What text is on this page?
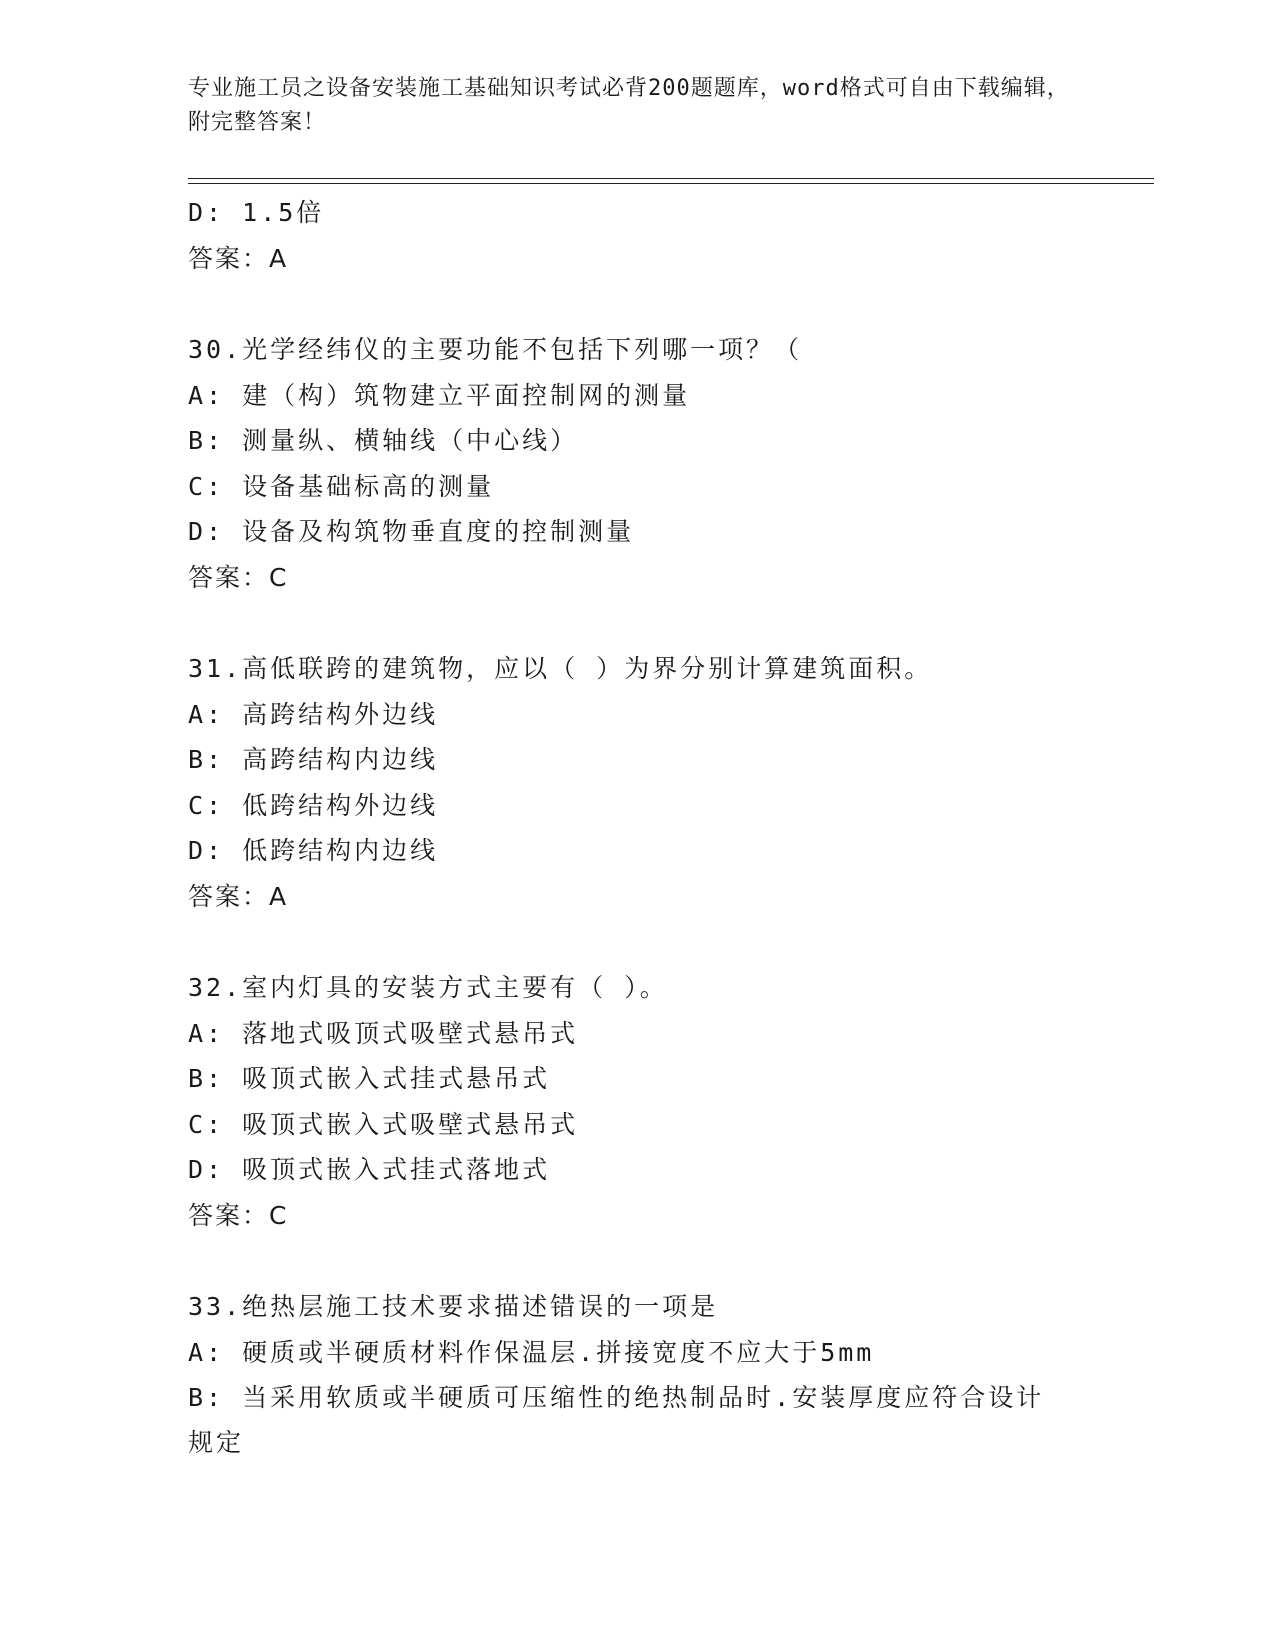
专业施工员之设备安装施工基础知识考试必背200题题库，word格式可自由下载编辑，附完整答案！
D: 1.5倍
答案：A
30.光学经纬仪的主要功能不包括下列哪一项？（
A: 建（构）筑物建立平面控制网的测量
B: 测量纵、横轴线（中心线）
C: 设备基础标高的测量
D: 设备及构筑物垂直度的控制测量
答案：C
31.高低联跨的建筑物，应以（ ）为界分别计算建筑面积。
A: 高跨结构外边线
B: 高跨结构内边线
C: 低跨结构外边线
D: 低跨结构内边线
答案：A
32.室内灯具的安装方式主要有（ ）。
A: 落地式吸顶式吸壁式悬吊式
B: 吸顶式嵌入式挂式悬吊式
C: 吸顶式嵌入式吸壁式悬吊式
D: 吸顶式嵌入式挂式落地式
答案：C
33.绝热层施工技术要求描述错误的一项是
A: 硬质或半硬质材料作保温层.拼接宽度不应大于5mm
B: 当采用软质或半硬质可压缩性的绝热制品时.安装厚度应符合设计规定
